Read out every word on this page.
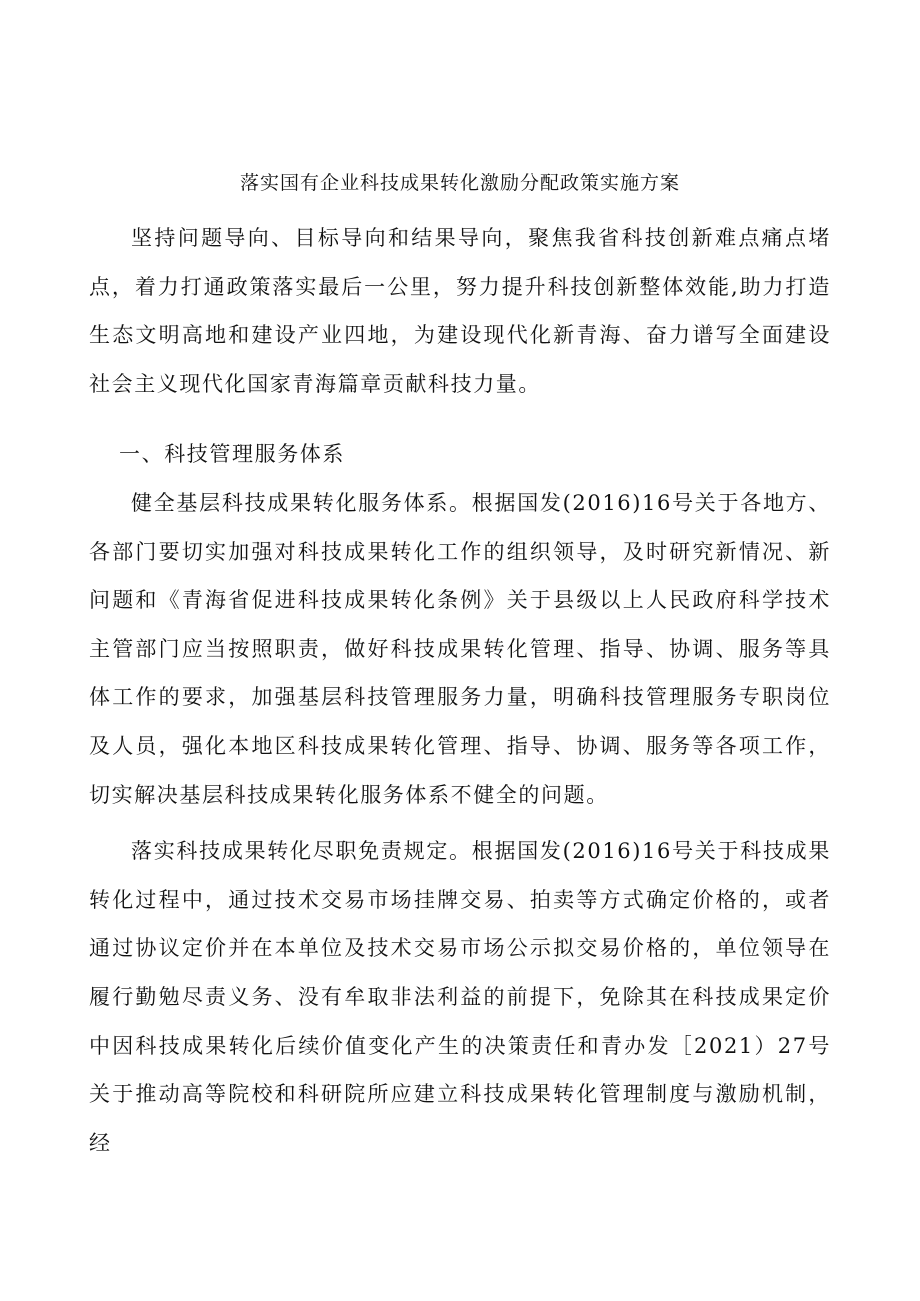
落实国有企业科技成果转化激励分配政策实施方案

坚持问题导向、目标导向和结果导向，聚焦我省科技创新难点痛点堵点，着力打通政策落实最后一公里，努力提升科技创新整体效能,助力打造生态文明高地和建设产业四地，为建设现代化新青海、奋力谱写全面建设社会主义现代化国家青海篇章贡献科技力量。

一、科技管理服务体系

健全基层科技成果转化服务体系。根据国发(2016)16号关于各地方、各部门要切实加强对科技成果转化工作的组织领导，及时研究新情况、新问题和《青海省促进科技成果转化条例》关于县级以上人民政府科学技术主管部门应当按照职责，做好科技成果转化管理、指导、协调、服务等具体工作的要求，加强基层科技管理服务力量，明确科技管理服务专职岗位及人员，强化本地区科技成果转化管理、指导、协调、服务等各项工作，切实解决基层科技成果转化服务体系不健全的问题。

落实科技成果转化尽职免责规定。根据国发(2016)16号关于科技成果转化过程中，通过技术交易市场挂牌交易、拍卖等方式确定价格的，或者通过协议定价并在本单位及技术交易市场公示拟交易价格的，单位领导在履行勤勉尽责义务、没有牟取非法利益的前提下，免除其在科技成果定价中因科技成果转化后续价值变化产生的决策责任和青办发［2021）27号关于推动高等院校和科研院所应建立科技成果转化管理制度与激励机制，经
